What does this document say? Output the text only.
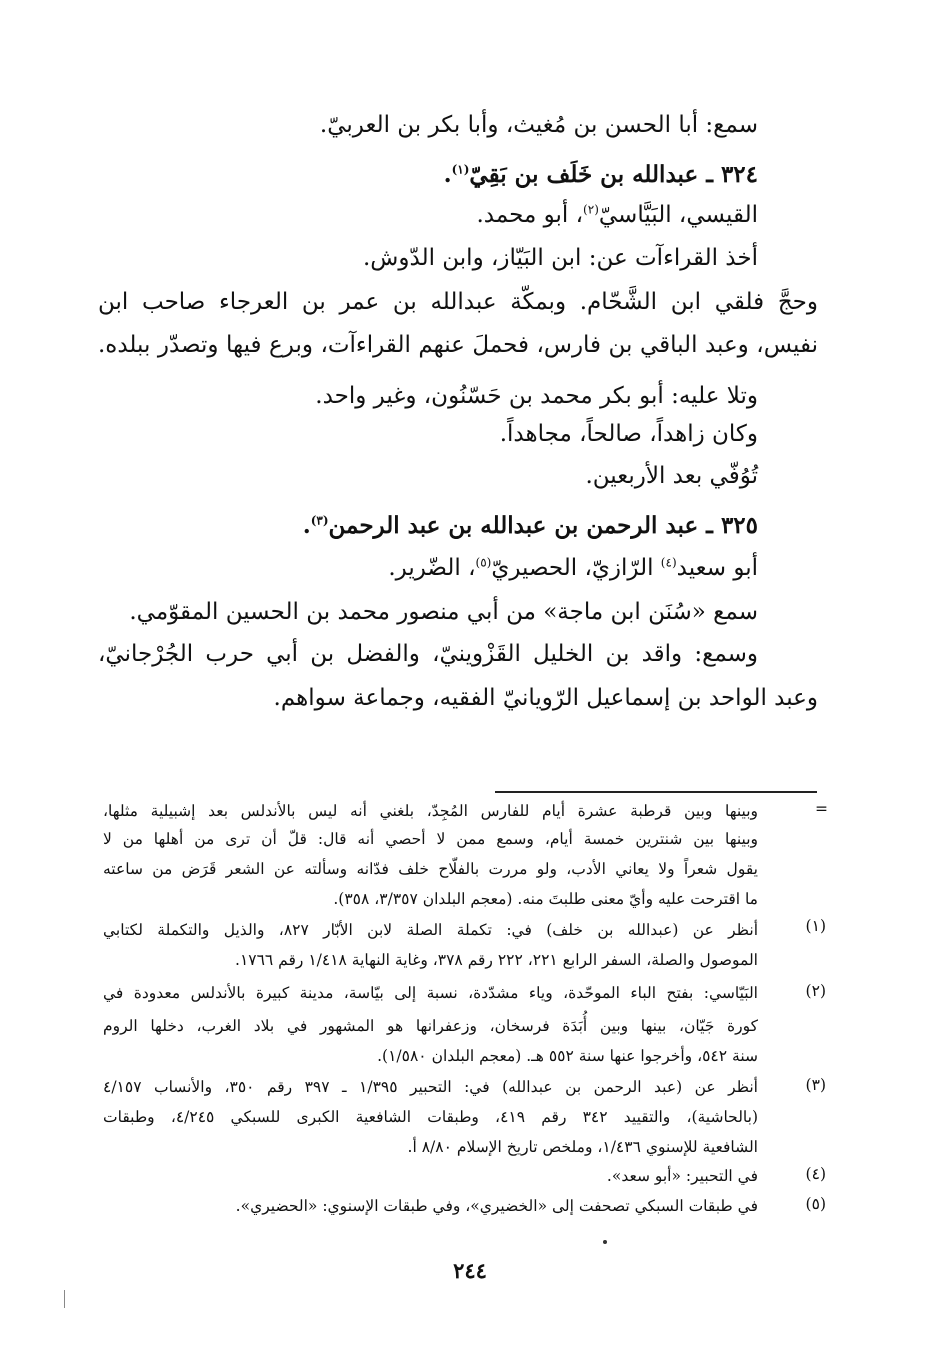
سمع: أبا الحسن بن مُغيث، وأبا بكر بن العربيّ.
٣٢٤ ـ عبدالله بن خَلَف بن بَقِيّ$^{(١)}$.
القيسي، البَيَّاسيّ$^{(٢)}$، أبو محمد.
أخذ القراءآت عن: ابن البَيّاز، وابن الدّوش.
وحجَّ فلقي ابن الشَّحّام. وبمكّة عبدالله بن عمر بن العرجاء صاحب ابن
نفيس، وعبد الباقي بن فارس، فحملَ عنهم القراءآت، وبرع فيها وتصدّر ببلده.
وتلا عليه: أبو بكر محمد بن حَسّنُون، وغير واحد.
وكان زاهداً، صالحاً، مجاهداً.
تُوُفّي بعد الأربعين.
٣٢٥ ـ عبد الرحمن بن عبدالله بن عبد الرحمن$^{(٣)}$.
أبو سعيد$^{(٤)}$ الرّازيّ، الحصيريّ$^{(٥)}$، الضّرير.
سمع «سُنَن ابن ماجة» من أبي منصور محمد بن الحسين المقوّمي.
وسمع: واقد بن الخليل القَزْوينيّ، والفضل بن أبي حرب الجُرْجانيّ،
وعبد الواحد بن إسماعيل الرّويانيّ الفقيه، وجماعة سواهم.
=
وبينها وبين قرطبة عشرة أيام للفارس المُجِدّ، بلغني أنه ليس بالأندلس بعد إشبيلية مثلها،
وبينها بين شنترين خمسة أيام، وسمع ممن لا أحصي أنه قال: قلّ أن ترى من أهلها من لا
يقول شعراً ولا يعاني الأدب، ولو مررت بالفلّاح خلف فدّانه وسألته عن الشعر قَرَض من ساعته
ما اقترحت عليه وأيّ معنى طلبتَ منه. (معجم البلدان ٣/٣٥٧، ٣٥٨).
(١)
أنظر عن (عبدالله بن خلف) في: تكملة الصلة لابن الأبّار ٨٢٧، والذيل والتكملة لكتابي
الموصول والصلة، السفر الرابع ٢٢١، ٢٢٢ رقم ٣٧٨، وغاية النهاية ١/٤١٨ رقم ١٧٦٦.
(٢)
البَيّاسي: بفتح الباء الموحّدة، وياء مشدّدة، نسبة إلى بيّاسة، مدينة كبيرة بالأندلس معدودة في
كورة جَيّان، بينها وبين أُبَدَة فرسخان، وزعفرانها هو المشهور في بلاد الغرب، دخلها الروم
سنة ٥٤٢، وأخرجوا عنها سنة ٥٥٢ هـ. (معجم البلدان ١/٥٨٠).
(٣)
أنظر عن (عبد الرحمن بن عبدالله) في: التحبير ١/٣٩٥ ـ ٣٩٧ رقم ٣٥٠، والأنساب ٤/١٥٧
(بالحاشية)، والتقييد ٣٤٢ رقم ٤١٩، وطبقات الشافعية الكبرى للسبكي ٤/٢٤٥، وطبقات
الشافعية للإسنوي ١/٤٣٦، وملخص تاريخ الإسلام ٨/٨٠ أ.
(٤)
في التحبير: «أبو سعد».
(٥)
في طبقات السبكي تصحفت إلى «الخضيري»، وفي طبقات الإسنوي: «الحضيري».
٢٤٤
